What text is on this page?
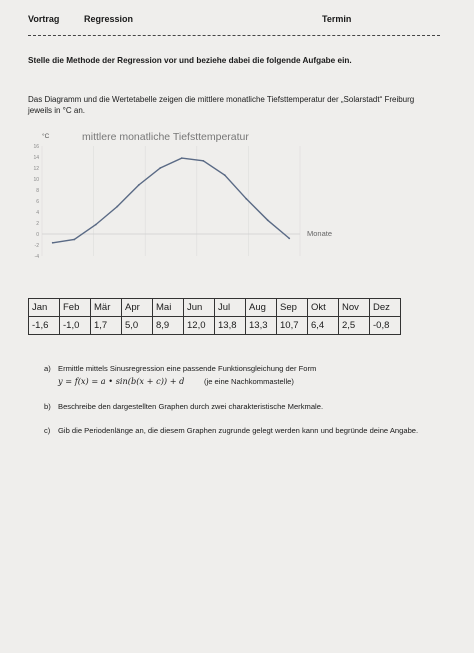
Vortrag	Regression	Termin
Stelle die Methode der Regression vor und beziehe dabei die folgende Aufgabe ein.
Das Diagramm und die Wertetabelle zeigen die mittlere monatliche Tiefsttemperatur der „Solarstadt“ Freiburg jeweils in °C an.
-4
-2
0
2
4
6
8
10
12
14
16
mittlere monatliche Tiefsttemperatur
°C
Monate
Jan	Feb	Mär	Apr	Mai	Jun	Jul	Aug	Sep	Okt	Nov	Dez
-1,6	-1,0	1,7	5,0	8,9	12,0	13,8	13,3	10,7	6,4	2,5	-0,8
a) Ermittle mittels Sinusregression eine passende Funktionsgleichung der Form
y = f(x) = a • sin(b(x + c)) + d	(je eine Nachkommastelle)
b) Beschreibe den dargestellten Graphen durch zwei charakteristische Merkmale.
c) Gib die Periodenlänge an, die diesem Graphen zugrunde gelegt werden kann und begründe deine Angabe.
